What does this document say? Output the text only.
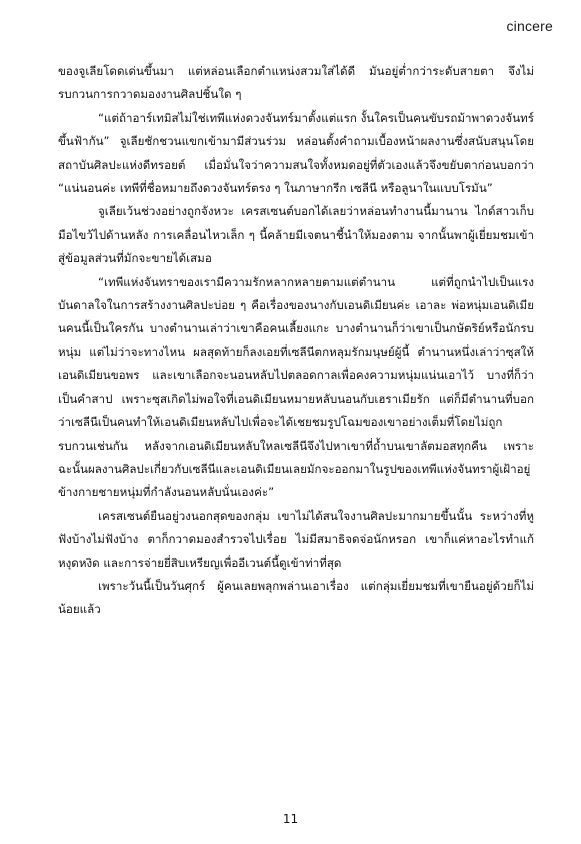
cincere

ของจูเลียโดดเด่นขึ้นมา แต่หล่อนเลือกตำแหน่งสวมใส่ได้ดี มันอยู่ต่ำกว่าระดับสายตา จึงไม่รบกวนการกวาดมองงานศิลปชิ้นใด ๆ

“แต่ถ้าอาร์เทมิสไม่ใช่เทพีแห่งดวงจันทร์มาตั้งแต่แรก งั้นใครเป็นคนขับรถม้าพาดวงจันทร์ขึ้นฟ้ากัน” จูเลียชักชวนแขกเข้ามามีส่วนร่วม หล่อนตั้งคำถามเบื้องหน้าผลงานซึ่งสนับสนุนโดยสถาบันศิลปะแห่งดีทรอยต์ เมื่อมั่นใจว่าความสนใจทั้งหมดอยู่ที่ตัวเองแล้วจึงขยับตาก่อนบอกว่า “แน่นอนค่ะ เทพีที่ชื่อหมายถึงดวงจันทร์ตรง ๆ ในภาษากรีก เซลีนี หรือลูนาในแบบโรมัน”

จูเลียเว้นช่วงอย่างถูกจังหวะ เครสเซนต์บอกได้เลยว่าหล่อนทำงานนี้มานาน ไกด์สาวเก็บมือไขว้ไปด้านหลัง การเคลื่อนไหวเล็ก ๆ นี้คล้ายมีเจตนาชี้นำให้มองตาม จากนั้นพาผู้เยี่ยมชมเข้าสู่ข้อมูลส่วนที่มักจะขายได้เสมอ

“เทพีแห่งจันทราของเรามีความรักหลากหลายตามแต่ตำนาน แต่ที่ถูกนำไปเป็นแรงบันดาลใจในการสร้างงานศิลปะบ่อย ๆ คือเรื่องของนางกับเอนดิเมียนค่ะ เอาละ พ่อหนุ่มเอนดิเมียนคนนี้เป็นใครกัน บางตำนานเล่าว่าเขาคือคนเลี้ยงแกะ บางตำนานก็ว่าเขาเป็นกษัตริย์หรือนักรบหนุ่ม แต่ไม่ว่าจะทางไหน ผลสุดท้ายก็ลงเอยที่เซลีนีตกหลุมรักมนุษย์ผู้นี้ ตำนานหนึ่งเล่าว่าซุสให้เอนดิเมียนขอพร และเขาเลือกจะนอนหลับไปตลอดกาลเพื่อคงความหนุ่มแน่นเอาไว้ บางที่ก็ว่าเป็นคำสาป เพราะซุสเกิดไม่พอใจที่เอนดิเมียนหมายหลับนอนกับเฮราเมียรัก แต่ก็มีตำนานที่บอกว่าเซลีนีเป็นคนทำให้เอนดิเมียนหลับไปเพื่อจะได้เชยชมรูปโฉมของเขาอย่างเต็มที่โดยไม่ถูกรบกวนเช่นกัน หลังจากเอนดิเมียนหลับใหลเซลีนีจึงไปหาเขาที่ถ้ำบนเขาลัตมอสทุกคืน เพราะฉะนั้นผลงานศิลปะเกี่ยวกับเซลีนีและเอนดิเมียนเลยมักจะออกมาในรูปของเทพีแห่งจันทราผู้เฝ้าอยู่ข้างกายชายหนุ่มที่กำลังนอนหลับนั่นเองค่ะ”

เครสเซนต์ยืนอยู่วงนอกสุดของกลุ่ม เขาไม่ได้สนใจงานศิลปะมากมายขึ้นนั้น ระหว่างที่หูฟังบ้างไม่ฟังบ้าง ตาก็กวาดมองสำรวจไปเรื่อย ไม่มีสมาธิจดจ่อนักหรอก เขาก็แค่หาอะไรทำแก้หงุดหงิด และการจ่ายยี่สิบเหรียญเพื่ออีเวนต์นี้ดูเข้าท่าที่สุด

เพราะวันนี้เป็นวันศุกร์ ผู้คนเลยพลุกพล่านเอาเรื่อง แต่กลุ่มเยี่ยมชมที่เขายืนอยู่ด้วยก็ไม่น้อยแล้ว

11
